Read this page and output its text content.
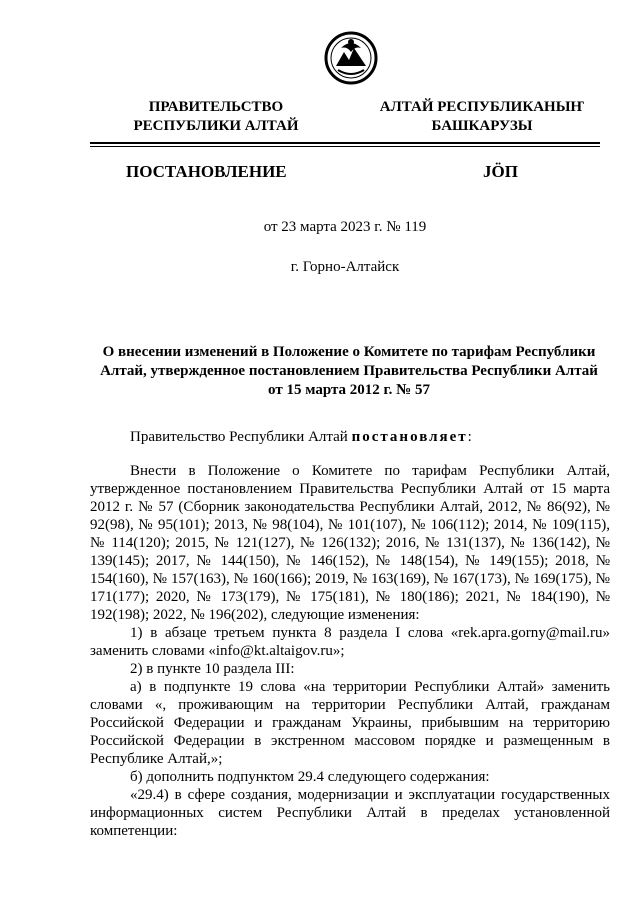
ПРАВИТЕЛЬСТВО
РЕСПУБЛИКИ АЛТАЙ
АЛТАЙ РЕСПУБЛИКАНЫҤ
БАШКАРУЗЫ
ПОСТАНОВЛЕНИЕ	JÖП
от 23 марта 2023 г. № 119
г. Горно-Алтайск
О внесении изменений в Положение о Комитете по тарифам Республики
Алтай, утвержденное постановлением Правительства Республики Алтай
от 15 марта 2012 г. № 57
Правительство Республики Алтай постановляет:

Внести в Положение о Комитете по тарифам Республики Алтай, утвержденное постановлением Правительства Республики Алтай от 15 марта 2012 г. № 57 (Сборник законодательства Республики Алтай, 2012, № 86(92), № 92(98), № 95(101); 2013, № 98(104), № 101(107), № 106(112); 2014, № 109(115), № 114(120); 2015, № 121(127), № 126(132); 2016, № 131(137), № 136(142), № 139(145); 2017, № 144(150), № 146(152), № 148(154), № 149(155); 2018, № 154(160), № 157(163), № 160(166); 2019, № 163(169), № 167(173), № 169(175), № 171(177); 2020, № 173(179), № 175(181), № 180(186); 2021, № 184(190), № 192(198); 2022, № 196(202), следующие изменения:

1) в абзаце третьем пункта 8 раздела I слова «rek.apra.gorny@mail.ru» заменить словами «info@kt.altaigov.ru»;

2) в пункте 10 раздела III:

а) в подпункте 19 слова «на территории Республики Алтай» заменить словами «, проживающим на территории Республики Алтай, гражданам Российской Федерации и гражданам Украины, прибывшим на территорию Российской Федерации в экстренном массовом порядке и размещенным в Республике Алтай,»;

б) дополнить подпунктом 29.4 следующего содержания:

«29.4) в сфере создания, модернизации и эксплуатации государственных информационных систем Республики Алтай в пределах установленной компетенции:
